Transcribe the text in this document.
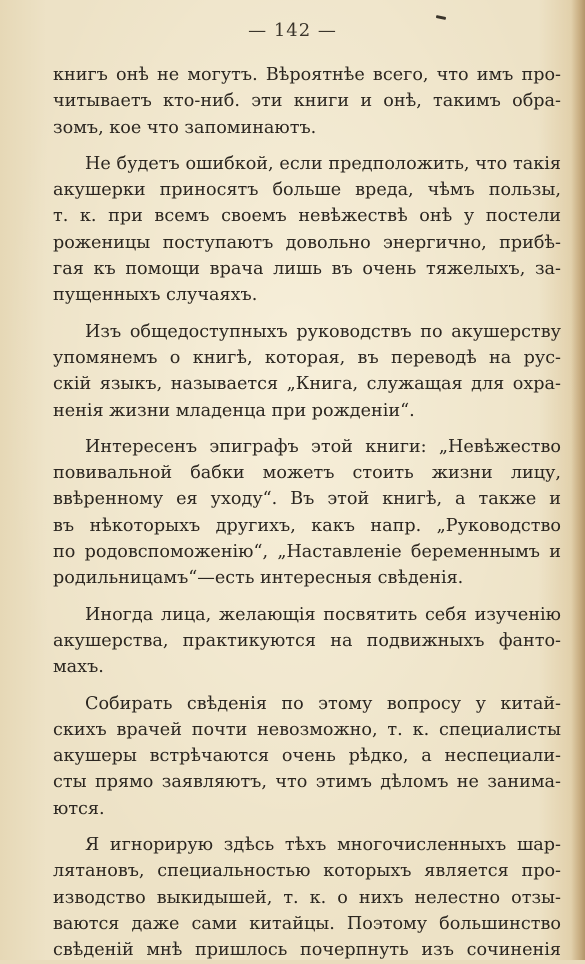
— 142 —
книгъ онѣ не могутъ. Вѣроятнѣе всего, что имъ про-
читываетъ кто-ниб. эти книги и онѣ, такимъ обра-
зомъ, кое что запоминаютъ.
Не будетъ ошибкой, если предположить, что такія
акушерки приносятъ больше вреда, чѣмъ пользы,
т. к. при всемъ своемъ невѣжествѣ онѣ у постели
роженицы поступаютъ довольно энергично, прибѣ-
гая къ помощи врача лишь въ очень тяжелыхъ, за-
пущенныхъ случаяхъ.
Изъ общедоступныхъ руководствъ по акушерству
упомянемъ о книгѣ, которая, въ переводѣ на рус-
скій языкъ, называется „Книга, служащая для охра-
ненія жизни младенца при рожденіи“.
Интересенъ эпиграфъ этой книги: „Невѣжество
повивальной бабки можетъ стоить жизни лицу,
ввѣренному ея уходу“. Въ этой книгѣ, а также и
въ нѣкоторыхъ другихъ, какъ напр. „Руководство
по родовспоможенію“, „Наставленіе беременнымъ и
родильницамъ“—есть интересныя свѣденія.
Иногда лица, желающія посвятить себя изученію
акушерства, практикуются на подвижныхъ фанто-
махъ.
Собирать свѣденія по этому вопросу у китай-
скихъ врачей почти невозможно, т. к. специалисты
акушеры встрѣчаются очень рѣдко, а неспециали-
сты прямо заявляютъ, что этимъ дѣломъ не занима-
ются.
Я игнорирую здѣсь тѣхъ многочисленныхъ шар-
лятановъ, специальностью которыхъ является про-
изводство выкидышей, т. к. о нихъ нелестно отзы-
ваются даже сами китайцы. Поэтому большинство
свѣденій мнѣ пришлось почерпнуть изъ сочиненія
